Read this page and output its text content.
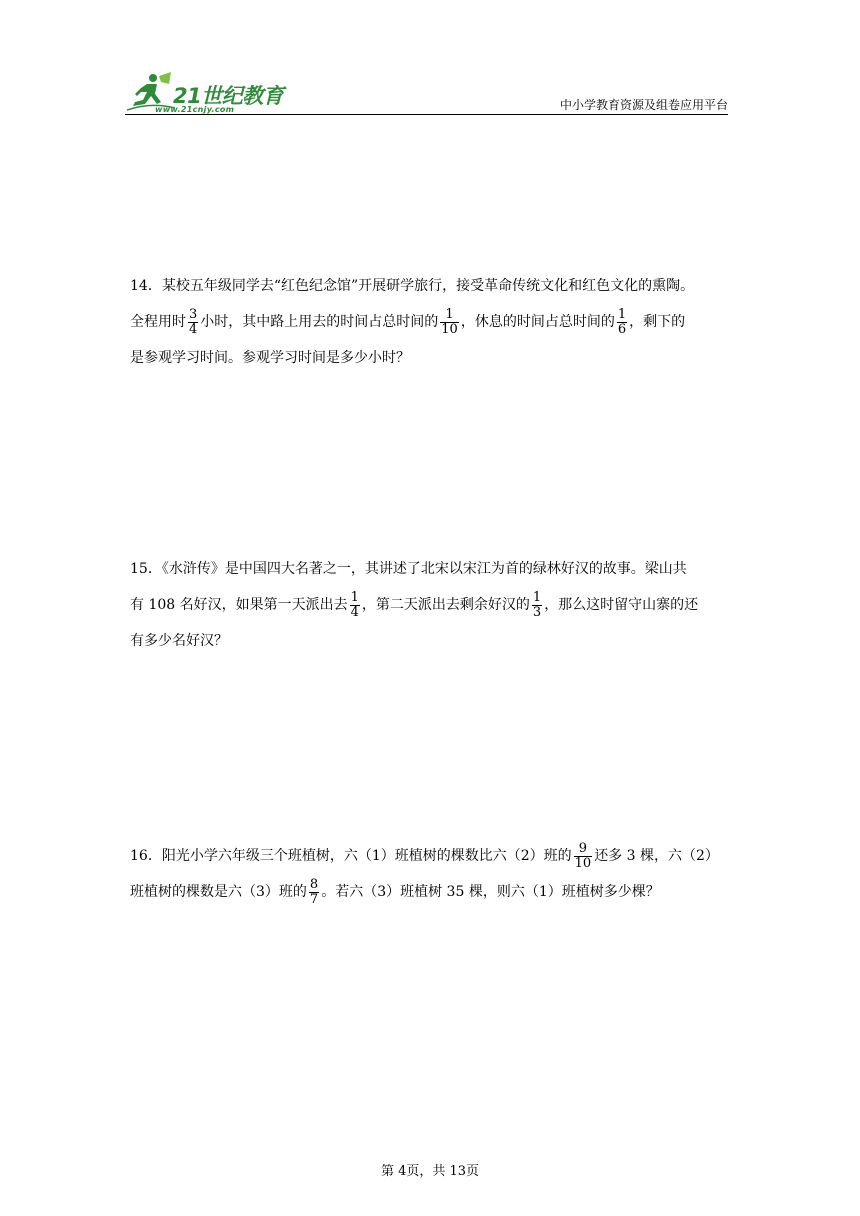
21世纪教育
www.21cnjy.com	中小学教育资源及组卷应用平台
14．某校五年级同学去“红色纪念馆”开展研学旅行，接受革命传统文化和红色文化的熏陶。
全程用时 $\frac{3}{4}$ 小时，其中路上用去的时间占总时间的 $\frac{1}{10}$ ，休息的时间占总时间的 $\frac{1}{6}$ ，剩下的
是参观学习时间。参观学习时间是多少小时？
15．《水浒传》是中国四大名著之一，其讲述了北宋以宋江为首的绿林好汉的故事。梁山共
有 108 名好汉，如果第一天派出去 $\frac{1}{4}$ ，第二天派出去剩余好汉的 $\frac{1}{3}$ ，那么这时留守山寨的还
有多少名好汉？
16．阳光小学六年级三个班植树，六（1）班植树的棵数比六（2）班的 $\frac{9}{10}$ 还多 3 棵，六（2）
班植树的棵数是六（3）班的 $\frac{8}{7}$ 。若六（3）班植树 35 棵，则六（1）班植树多少棵？
第 4页，共 13页
